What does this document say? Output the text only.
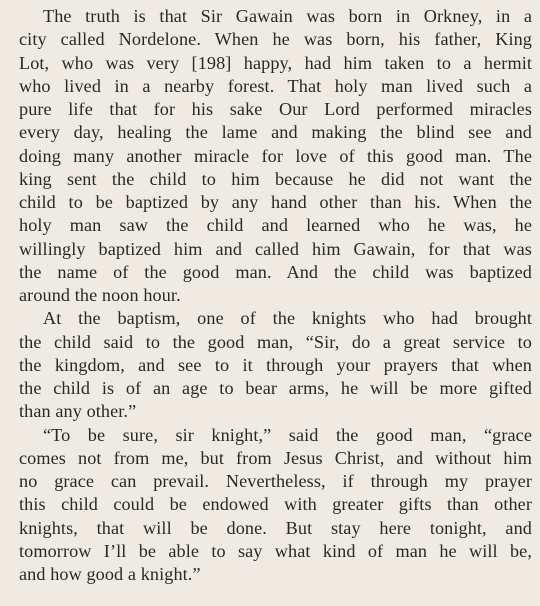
The truth is that Sir Gawain was born in Orkney, in a
city called Nordelone. When he was born, his father, King
Lot, who was very [198] happy, had him taken to a hermit
who lived in a nearby forest. That holy man lived such a
pure life that for his sake Our Lord performed miracles
every day, healing the lame and making the blind see and
doing many another miracle for love of this good man. The
king sent the child to him because he did not want the
child to be baptized by any hand other than his. When the
holy man saw the child and learned who he was, he
willingly baptized him and called him Gawain, for that was
the name of the good man. And the child was baptized
around the noon hour.
At the baptism, one of the knights who had brought
the child said to the good man, “Sir, do a great service to
the kingdom, and see to it through your prayers that when
the child is of an age to bear arms, he will be more gifted
than any other.”
“To be sure, sir knight,” said the good man, “grace
comes not from me, but from Jesus Christ, and without him
no grace can prevail. Nevertheless, if through my prayer
this child could be endowed with greater gifts than other
knights, that will be done. But stay here tonight, and
tomorrow I’ll be able to say what kind of man he will be,
and how good a knight.”
